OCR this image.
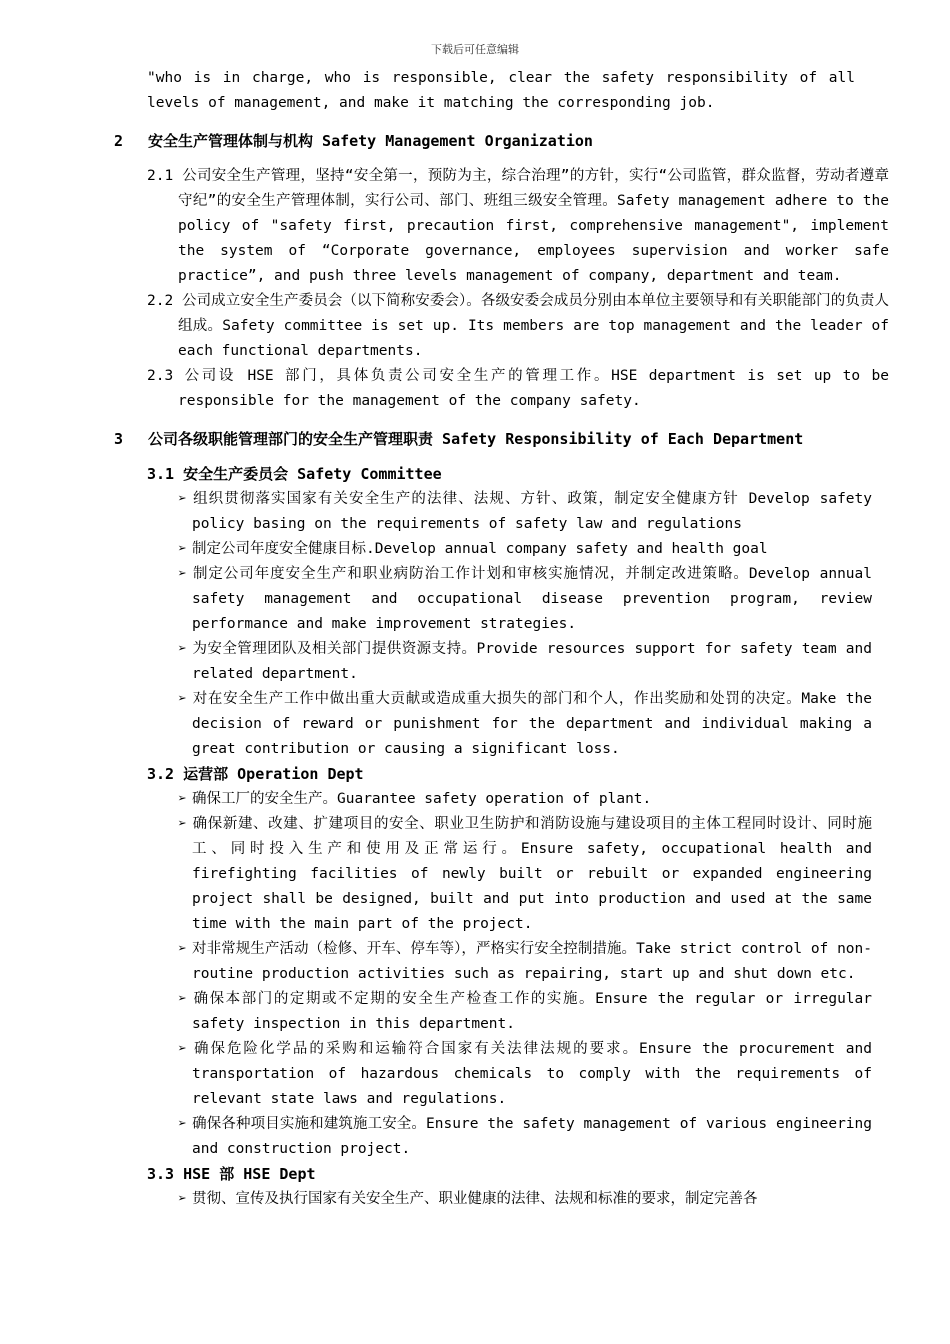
下载后可任意编辑

"who is in charge, who is responsible, clear the safety responsibility of all levels of management, and make it matching the corresponding job.

2	安全生产管理体制与机构 Safety Management Organization

2.1 公司安全生产管理，坚持“安全第一，预防为主，综合治理”的方针，实行“公司监管，群众监督，劳动者遵章守纪”的安全生产管理体制，实行公司、部门、班组三级安全管理。Safety management adhere to the policy of "safety first, precaution first, comprehensive management", implement the system of “Corporate governance, employees supervision and worker safe practice”, and push three levels management of company, department and team.

2.2 公司成立安全生产委员会（以下简称安委会）。各级安委会成员分别由本单位主要领导和有关职能部门的负责人组成。Safety committee is set up. Its members are top management and the leader of each functional departments.

2.3 公司设 HSE 部门，具体负责公司安全生产的管理工作。HSE department is set up to be responsible for the management of the company safety.

3	公司各级职能管理部门的安全生产管理职责 Safety Responsibility of Each Department

3.1 安全生产委员会 Safety Committee

➢ 组织贯彻落实国家有关安全生产的法律、法规、方针、政策，制定安全健康方针 Develop safety policy basing on the requirements of safety law and regulations

➢ 制定公司年度安全健康目标.Develop annual company safety and health goal

➢ 制定公司年度安全生产和职业病防治工作计划和审核实施情况，并制定改进策略。Develop annual safety management and occupational disease prevention program, review performance and make improvement strategies.

➢ 为安全管理团队及相关部门提供资源支持。Provide resources support for safety team and related department.

➢ 对在安全生产工作中做出重大贡献或造成重大损失的部门和个人，作出奖励和处罚的决定。Make the decision of reward or punishment for the department and individual making a great contribution or causing a significant loss.

3.2 运营部 Operation Dept

➢ 确保工厂的安全生产。Guarantee safety operation of plant.

➢ 确保新建、改建、扩建项目的安全、职业卫生防护和消防设施与建设项目的主体工程同时设计、同时施工、同时投入生产和使用及正常运行。Ensure safety, occupational health and firefighting facilities of newly built or rebuilt or expanded engineering project shall be designed, built and put into production and used at the same time with the main part of the project.

➢ 对非常规生产活动（检修、开车、停车等），严格实行安全控制措施。Take strict control of non-routine production activities such as repairing, start up and shut down etc.

➢ 确保本部门的定期或不定期的安全生产检查工作的实施。Ensure the regular or irregular safety inspection in this department.

➢ 确保危险化学品的采购和运输符合国家有关法律法规的要求。Ensure the procurement and transportation of hazardous chemicals to comply with the requirements of relevant state laws and regulations.

➢ 确保各种项目实施和建筑施工安全。Ensure the safety management of various engineering and construction project.

3.3 HSE 部 HSE Dept

➢ 贯彻、宣传及执行国家有关安全生产、职业健康的法律、法规和标准的要求，制定完善各
